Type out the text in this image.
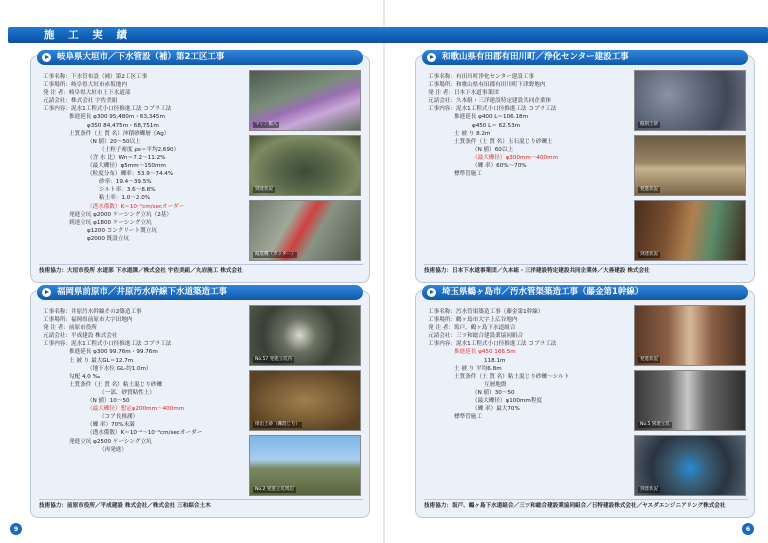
施 工 実 績
岐阜県大垣市／下水管設（補）第2工区工事
工事名称：下水管布設（補）第2工区工事
工事場所：岐阜県大垣市赤坂地内
発 注 者：岐阜県大垣市上下水道部
元請会社：株式会社 宇佐美組
工事内容：泥水1工程式小口径推進工法 コブラ工法
推進延長 φ300 95,480m・63,345m
φ350 84,475m・68,751m
土質条件（土 質 名）沖積砂礫層（Ag）
（N 値）20〜50以上
（土粒子密度 ρs＝平均2,690）
（含 水 比）Wn＝7.2〜11.2%
（最大礫径）φ5mm〜150mm
（粒度分布）礫率：53.9〜74.4%
砂率：19.4〜39.5%
シルト率：3.6〜8.8%
粘土率：1.0〜2.0%
（透水係数）K＝10⁻¹cm/secオーダー
発進立坑 φ2000 ケーシング立坑（2基）
到達立坑 φ1800 ケーシング立坑
φ1200 コンクリート製立坑
φ2000 既設立坑
マシン搬入
到達状況
掘進機（カッター）
技術協力：大垣市役所 水道部 下水道課／株式会社 宇佐美組／丸岩施工 株式会社
和歌山県有田郡有田川町／浄化センター建設工事
工事名称：有田川町浄化センター建設工事
工事場所：和歌山県有田郡有田川町下津野地内
発 注 者：日本下水道事業団
元請会社：久本組・三洋建設特定建設共同企業体
工事内容：泥水1工程式小口径推進工法 コブラ工法
推進延長 φ400 L＝106.18m
φ450 L＝ 62.53m
土 被 り 8.2m
土質条件（土 質 名）玉石混じり砂礫土
（N 値）60以上
（最大礫径）φ300mm〜400mm
（礫 率）60%〜70%
標準管施工
掘削土砂
発進状況
到達状況
技術協力：日本下水道事業団／久本組・三洋建設特定建設共同企業体／大善建設 株式会社
福岡県前原市／井原汚水幹線下水道築造工事
工事名称：井原汚水幹線その2築造工事
工事場所：福岡県前原市大字田地内
発 注 者：前原市役所
元請会社：平成建設 株式会社
工事内容：泥水1工程式小口径推進工法 コブラ工法
推進延長 φ300 99.76m・99.76m
土 被 り 最大GL＝12.7m
（地下水位 GL-約1.0m）
勾配 4.0 ‰
土質条件（土 質 名）粘土混じり砂礫
（一部、砂質粘性土）
（N 値）10〜50
（最大礫径）想定φ200mm〜400mm
（コア長推測）
（礫 率）70%未満
（透水係数）K＝10⁻²〜10⁻³cm/secオーダー
発進立坑 φ2500 ケーシング立坑
（再発進）
No.57 発進立坑内
排出土砂（礫混じり）
No.2 発進立坑周辺
技術協力：前原市役所／平成建設 株式会社／株式会社 三和綜合土木
埼玉県鶴ヶ島市／汚水管渠築造工事（藤金第1幹線）
工事名称：汚水管渠築造工事（藤金第1幹線）
工事場所：鶴ヶ島市大字上広谷地内
発 注 者：坂戸、鶴ヶ島下水道組合
元請会社：三ツ和総合建設業協同組合
工事内容：泥水1工程式小口径推進工法 コブラ工法
推進延長 φ450 166.5m
118.1m
土 被 り 平均6.8m
土質条件（土 質 名）粘土混じり砂礫〜シルト
互層地盤
（N 値）30〜50
（最大礫径）φ100mm程度
（礫 率）最大70%
標準管施工
発進状況
No.5 到達立坑
到達状況
技術協力：坂戸、鶴ヶ島下水道組合／三ツ和総合建設業協同組合／日特建設株式会社／ヤスダエンジニアリング株式会社
9	6
